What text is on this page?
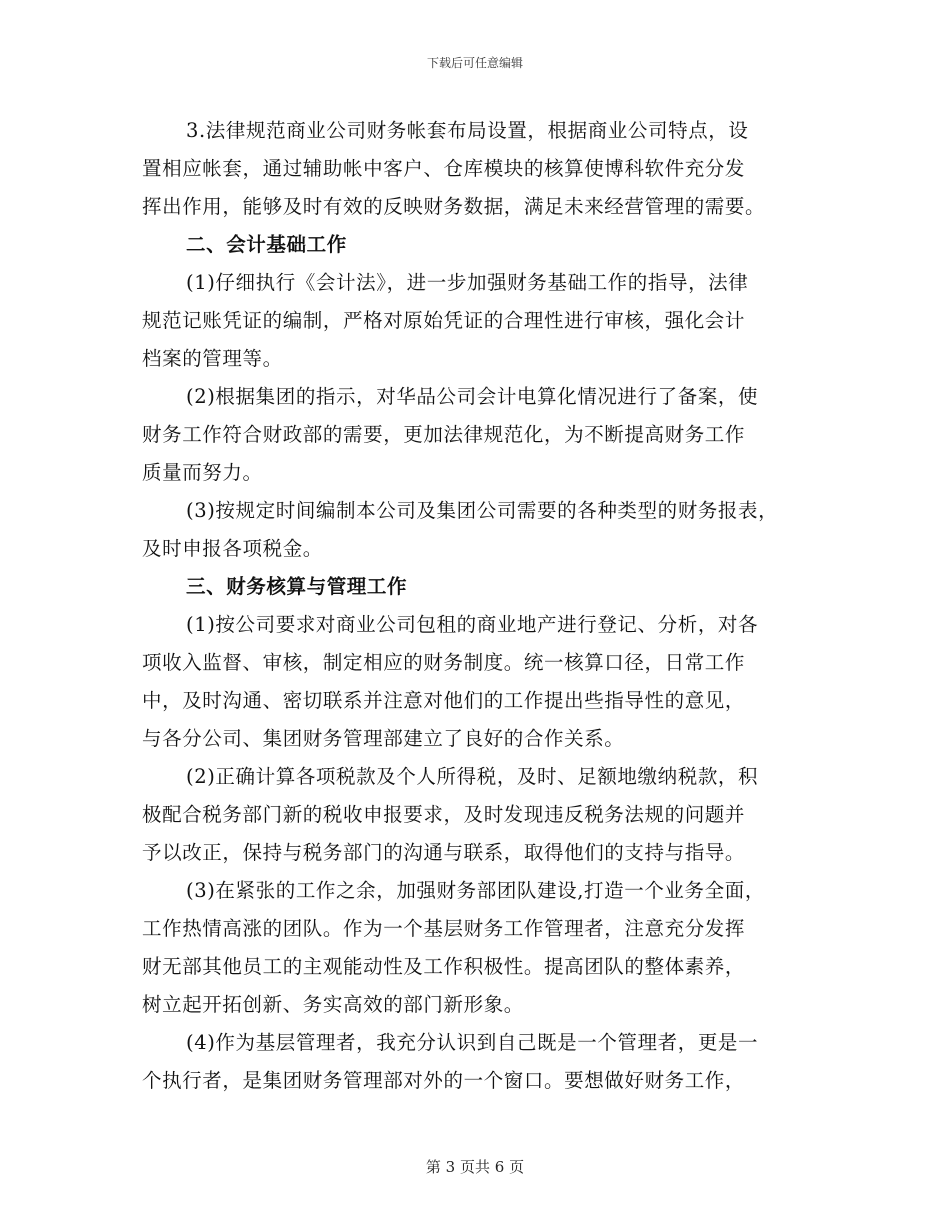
下载后可任意编辑
3.法律规范商业公司财务帐套布局设置，根据商业公司特点，设
置相应帐套，通过辅助帐中客户、仓库模块的核算使博科软件充分发
挥出作用，能够及时有效的反映财务数据，满足未来经营管理的需要。
二、会计基础工作
(1)仔细执行《会计法》，进一步加强财务基础工作的指导，法律
规范记账凭证的编制，严格对原始凭证的合理性进行审核，强化会计
档案的管理等。
(2)根据集团的指示，对华品公司会计电算化情况进行了备案，使
财务工作符合财政部的需要，更加法律规范化，为不断提高财务工作
质量而努力。
(3)按规定时间编制本公司及集团公司需要的各种类型的财务报表，
及时申报各项税金。
三、财务核算与管理工作
(1)按公司要求对商业公司包租的商业地产进行登记、分析，对各
项收入监督、审核，制定相应的财务制度。统一核算口径，日常工作
中，及时沟通、密切联系并注意对他们的工作提出些指导性的意见，
与各分公司、集团财务管理部建立了良好的合作关系。
(2)正确计算各项税款及个人所得税，及时、足额地缴纳税款，积
极配合税务部门新的税收申报要求，及时发现违反税务法规的问题并
予以改正，保持与税务部门的沟通与联系，取得他们的支持与指导。
(3)在紧张的工作之余，加强财务部团队建设,打造一个业务全面，
工作热情高涨的团队。作为一个基层财务工作管理者，注意充分发挥
财无部其他员工的主观能动性及工作积极性。提高团队的整体素养，
树立起开拓创新、务实高效的部门新形象。
(4)作为基层管理者，我充分认识到自己既是一个管理者，更是一
个执行者，是集团财务管理部对外的一个窗口。要想做好财务工作，
第 3 页共 6 页
